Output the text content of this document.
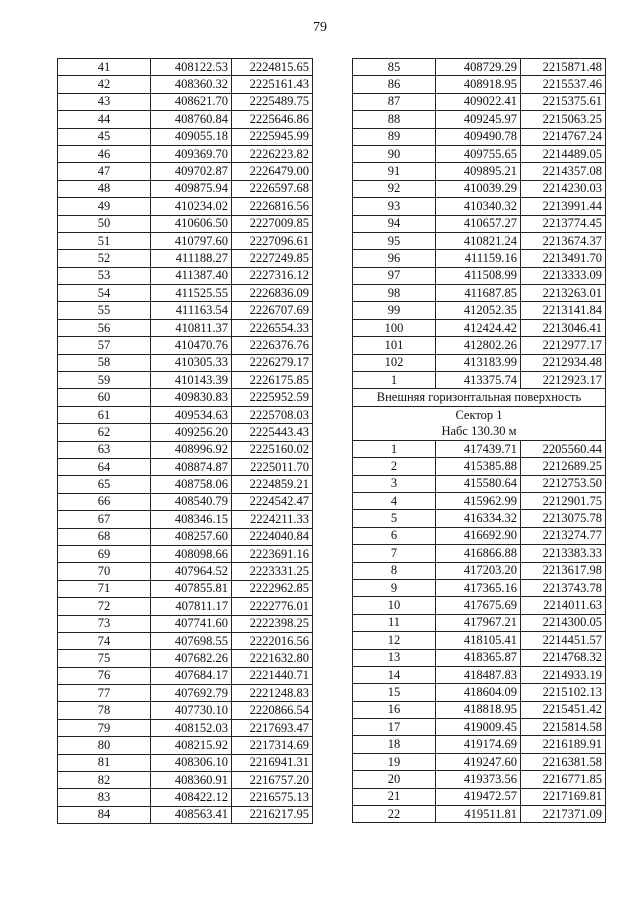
79
41	408122.53	2224815.65
42	408360.32	2225161.43
43	408621.70	2225489.75
44	408760.84	2225646.86
45	409055.18	2225945.99
46	409369.70	2226223.82
47	409702.87	2226479.00
48	409875.94	2226597.68
49	410234.02	2226816.56
50	410606.50	2227009.85
51	410797.60	2227096.61
52	411188.27	2227249.85
53	411387.40	2227316.12
54	411525.55	2226836.09
55	411163.54	2226707.69
56	410811.37	2226554.33
57	410470.76	2226376.76
58	410305.33	2226279.17
59	410143.39	2226175.85
60	409830.83	2225952.59
61	409534.63	2225708.03
62	409256.20	2225443.43
63	408996.92	2225160.02
64	408874.87	2225011.70
65	408758.06	2224859.21
66	408540.79	2224542.47
67	408346.15	2224211.33
68	408257.60	2224040.84
69	408098.66	2223691.16
70	407964.52	2223331.25
71	407855.81	2222962.85
72	407811.17	2222776.01
73	407741.60	2222398.25
74	407698.55	2222016.56
75	407682.26	2221632.80
76	407684.17	2221440.71
77	407692.79	2221248.83
78	407730.10	2220866.54
79	408152.03	2217693.47
80	408215.92	2217314.69
81	408306.10	2216941.31
82	408360.91	2216757.20
83	408422.12	2216575.13
84	408563.41	2216217.95
85	408729.29	2215871.48
86	408918.95	2215537.46
87	409022.41	2215375.61
88	409245.97	2215063.25
89	409490.78	2214767.24
90	409755.65	2214489.05
91	409895.21	2214357.08
92	410039.29	2214230.03
93	410340.32	2213991.44
94	410657.27	2213774.45
95	410821.24	2213674.37
96	411159.16	2213491.70
97	411508.99	2213333.09
98	411687.85	2213263.01
99	412052.35	2213141.84
100	412424.42	2213046.41
101	412802.26	2212977.17
102	413183.99	2212934.48
1	413375.74	2212923.17
Внешняя горизонтальная поверхность		

Сектор 1
Набс 130.30 м		

1	417439.71	2205560.44
2	415385.88	2212689.25
3	415580.64	2212753.50
4	415962.99	2212901.75
5	416334.32	2213075.78
6	416692.90	2213274.77
7	416866.88	2213383.33
8	417203.20	2213617.98
9	417365.16	2213743.78
10	417675.69	2214011.63
11	417967.21	2214300.05
12	418105.41	2214451.57
13	418365.87	2214768.32
14	418487.83	2214933.19
15	418604.09	2215102.13
16	418818.95	2215451.42
17	419009.45	2215814.58
18	419174.69	2216189.91
19	419247.60	2216381.58
20	419373.56	2216771.85
21	419472.57	2217169.81
22	419511.81	2217371.09
